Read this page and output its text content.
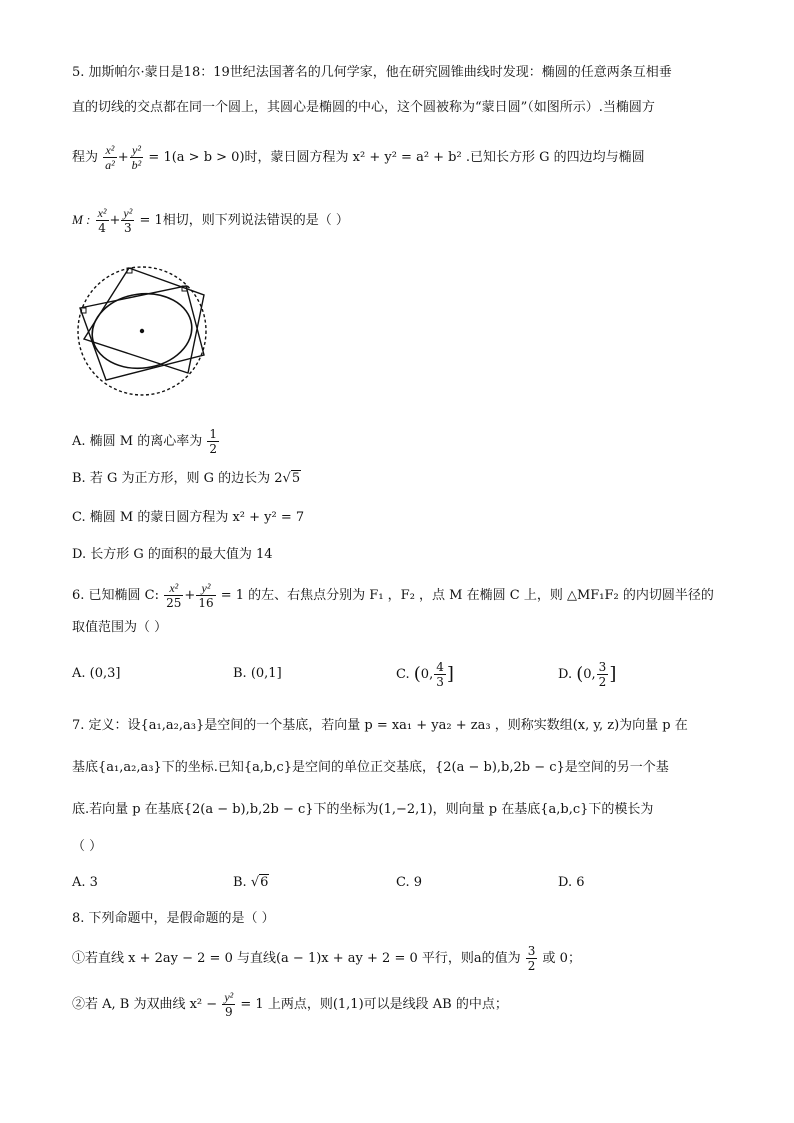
5. 加斯帕尔·蒙日是18：19世纪法国著名的几何学家，他在研究圆锥曲线时发现：椭圆的任意两条互相垂
直的切线的交点都在同一个圆上，其圆心是椭圆的中心，这个圆被称为“蒙日圆”（如图所示）.当椭圆方
程为 $\frac{\text{x²}}{\text{a²}} + \frac{\text{y²}}{\text{b²}} = 1(a > b > 0)$时，蒙日圆方程为 x² + y² = a² + b² .已知长方形 G 的四边均与椭圆
M : $\frac{\text{x²}}{4} + \frac{\text{y²}}{3} = 1$相切，则下列说法错误的是（ ）
A. 椭圆 M 的离心率为 $\frac{1}{2}$
B. 若 G 为正方形，则 G 的边长为 2√5
C. 椭圆 M 的蒙日圆方程为 x² + y² = 7
D. 长方形 G 的面积的最大值为 14
6. 已知椭圆 C: $\frac{\text{x²}}{25} + \frac{\text{y²}}{16} = 1$ 的左、右焦点分别为 F₁ ，F₂ ，点 M 在椭圆 C 上，则 △MF₁F₂ 的内切圆半径的
取值范围为（ ）
A. (0,3]	B. (0,1]	C. (0, $\frac{4}{3}$ ]	D. (0, $\frac{3}{2}$ ]
7. 定义：设{a₁,a₂,a₃}是空间的一个基底，若向量 p = xa₁ + ya₂ + za₃ ，则称实数组(x, y, z)为向量 p 在
基底{a₁,a₂,a₃}下的坐标.已知{a,b,c}是空间的单位正交基底，{2(a − b),b,2b − c}是空间的另一个基
底.若向量 p 在基底{2(a − b),b,2b − c}下的坐标为(1,−2,1)，则向量 p 在基底{a,b,c}下的模长为
（ ）
A. 3	B. √6	C. 9	D. 6
8. 下列命题中，是假命题的是（ ）
①若直线 x + 2ay − 2 = 0 与直线(a − 1)x + ay + 2 = 0 平行，则a的值为 $\frac{3}{2}$ 或 0；
②若 A, B 为双曲线 $x^2 - \frac{\text{y²}}{9} = 1$ 上两点，则(1,1)可以是线段 AB 的中点；
